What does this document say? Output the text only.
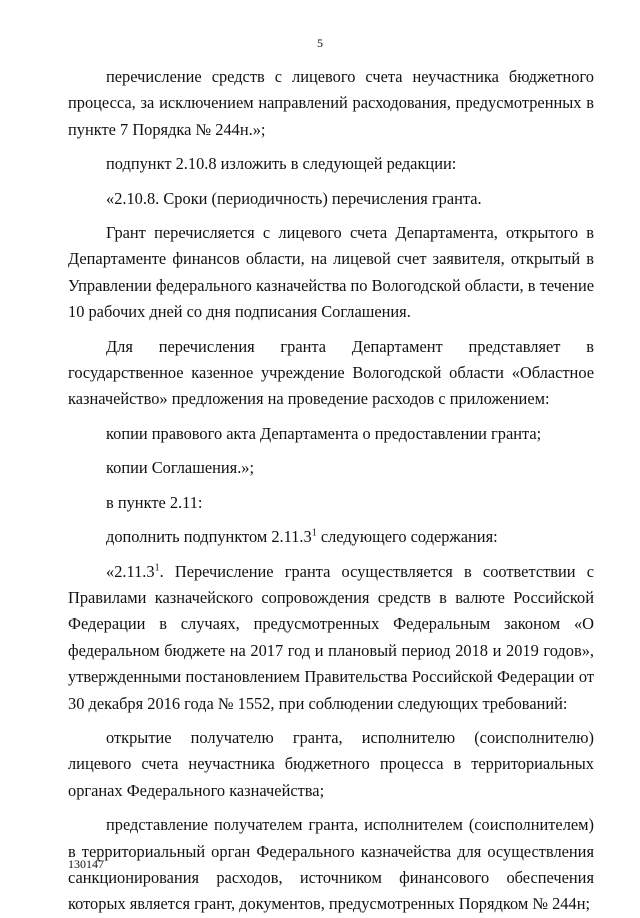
5

перечисление средств с лицевого счета неучастника бюджетного процесса, за исключением направлений расходования, предусмотренных в пункте 7 Порядка № 244н.»;

подпункт 2.10.8 изложить в следующей редакции:

«2.10.8. Сроки (периодичность) перечисления гранта.

Грант перечисляется с лицевого счета Департамента, открытого в Департаменте финансов области, на лицевой счет заявителя, открытый в Управлении федерального казначейства по Вологодской области, в течение 10 рабочих дней со дня подписания Соглашения.

Для перечисления гранта Департамент представляет в государственное казенное учреждение Вологодской области «Областное казначейство» предложения на проведение расходов с приложением:

копии правового акта Департамента о предоставлении гранта;

копии Соглашения.»;

в пункте 2.11:

дополнить подпунктом 2.11.3$^1$ следующего содержания:

«2.11.3$^1$. Перечисление гранта осуществляется в соответствии с Правилами казначейского сопровождения средств в валюте Российской Федерации в случаях, предусмотренных Федеральным законом «О федеральном бюджете на 2017 год и плановый период 2018 и 2019 годов», утвержденными постановлением Правительства Российской Федерации от 30 декабря 2016 года № 1552, при соблюдении следующих требований:

открытие получателю гранта, исполнителю (соисполнителю) лицевого счета неучастника бюджетного процесса в территориальных органах Федерального казначейства;

представление получателем гранта, исполнителем (соисполнителем) в территориальный орган Федерального казначейства для осуществления санкционирования расходов, источником финансового обеспечения которых является грант, документов, предусмотренных Порядком № 244н;

130147
